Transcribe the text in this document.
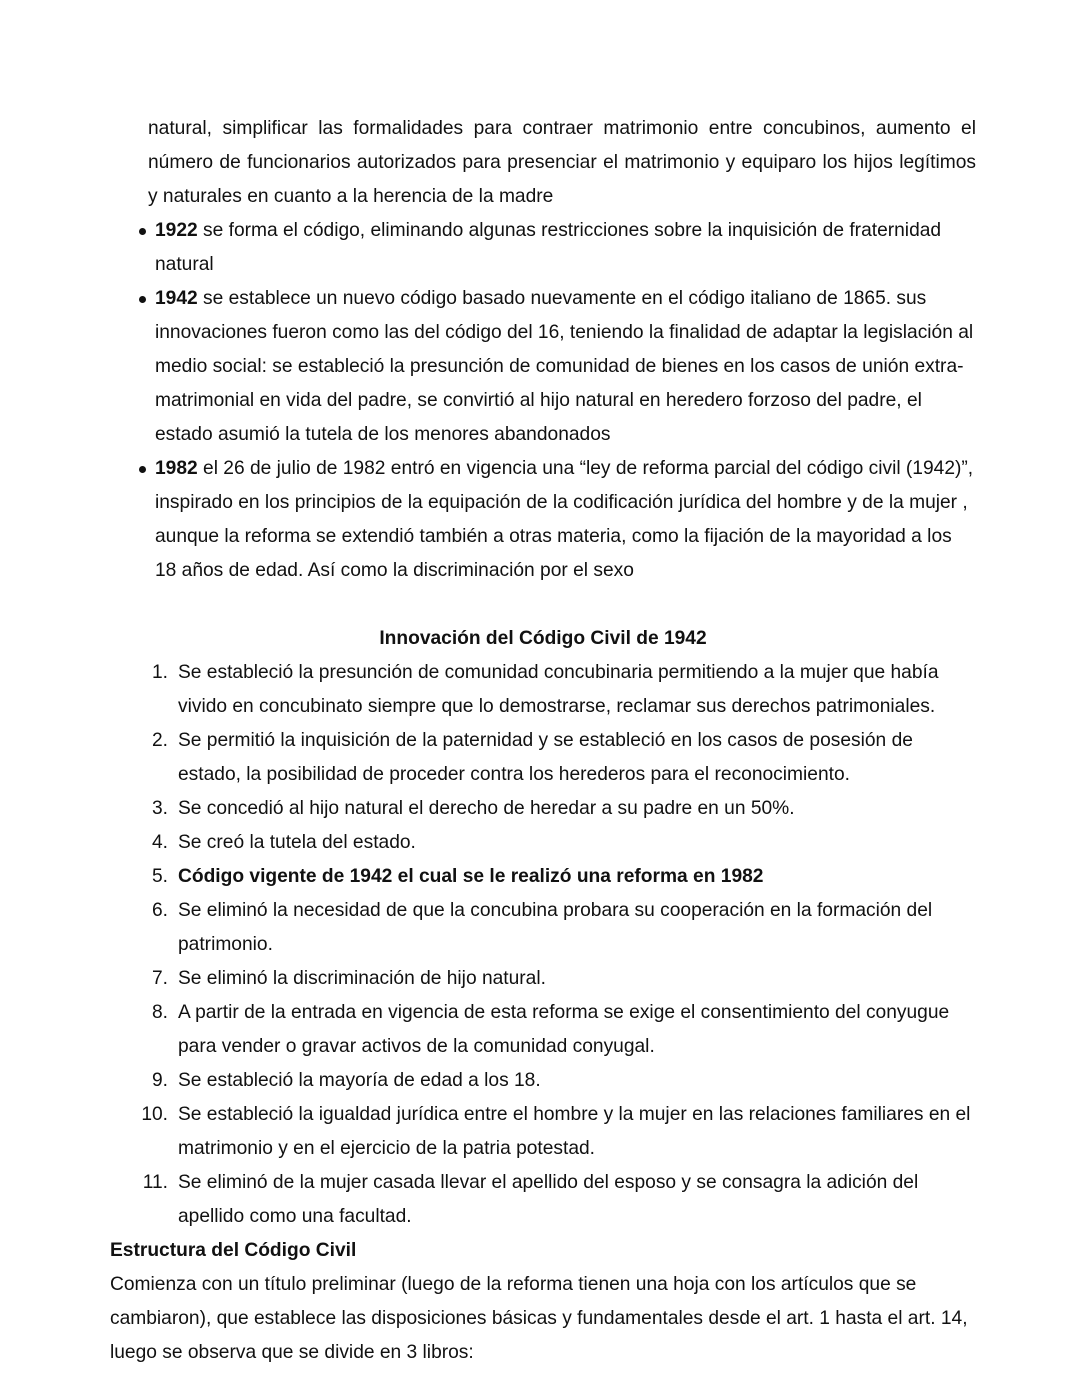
natural, simplificar las formalidades para contraer matrimonio entre concubinos, aumento el número de funcionarios autorizados para presenciar el matrimonio y equiparo los hijos legítimos y naturales en cuanto a la herencia de la madre

1922 se forma el código, eliminando algunas restricciones sobre la inquisición de fraternidad natural
1942 se establece un nuevo código basado nuevamente en el código italiano de 1865. sus innovaciones fueron como las del código del 16, teniendo la finalidad de adaptar la legislación al medio social: se estableció la presunción de comunidad de bienes en los casos de unión extra-matrimonial en vida del padre, se convirtió al hijo natural en heredero forzoso del padre, el estado asumió la tutela de los menores abandonados
1982 el 26 de julio de 1982 entró en vigencia una “ley de reforma parcial del código civil (1942)”, inspirado en los principios de la equipación de la codificación jurídica del hombre y de la mujer , aunque la reforma se extendió también a otras materia, como la fijación de la mayoridad a los 18 años de edad. Así como la discriminación por el sexo

Innovación del Código Civil de 1942

1. Se estableció la presunción de comunidad concubinaria permitiendo a la mujer que había vivido en concubinato siempre que lo demostrarse, reclamar sus derechos patrimoniales.
2. Se permitió la inquisición de la paternidad y se estableció en los casos de posesión de estado, la posibilidad de proceder contra los herederos para el reconocimiento.
3. Se concedió al hijo natural el derecho de heredar a su padre en un 50%.
4. Se creó la tutela del estado.
5. Código vigente de 1942 el cual se le realizó una reforma en 1982
6. Se eliminó la necesidad de que la concubina probara su cooperación en la formación del patrimonio.
7. Se eliminó la discriminación de hijo natural.
8. A partir de la entrada en vigencia de esta reforma se exige el consentimiento del conyugue para vender o gravar activos de la comunidad conyugal.
9. Se estableció la mayoría de edad a los 18.
10. Se estableció la igualdad jurídica entre el hombre y la mujer en las relaciones familiares en el matrimonio y en el ejercicio de la patria potestad.
11. Se eliminó de la mujer casada llevar el apellido del esposo y se consagra la adición del apellido como una facultad.

Estructura del Código Civil

Comienza con un título preliminar (luego de la reforma tienen una hoja con los artículos que se cambiaron), que establece las disposiciones básicas y fundamentales desde el art. 1 hasta el art. 14, luego se observa que se divide en 3 libros:
